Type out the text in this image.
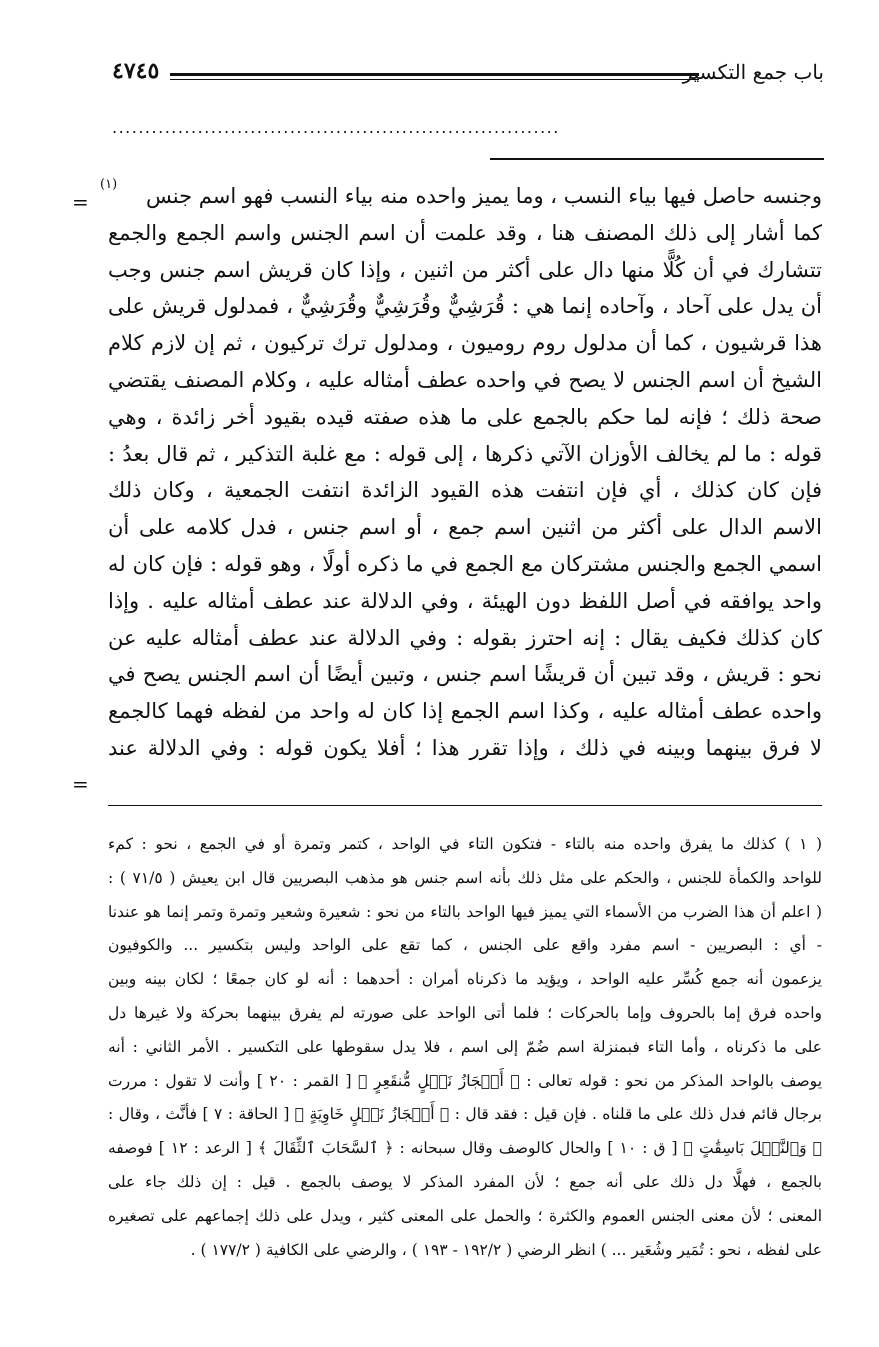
باب جمع التكسير
٤٧٤٥
....................................................................
=
=
(١)	وجنسه حاصل فيها بياء النسب ، وما يميز واحده منه بياء النسب فهو اسم جنس
كما أشار إلى ذلك المصنف هنا ، وقد علمت أن اسم الجنس واسم الجمع والجمع
تتشارك في أن كُلًّا منها دال على أكثر من اثنين ، وإذا كان قريش اسم جنس وجب
أن يدل على آحاد ، وآحاده إنما هي : قُرَشِيٌّ وقُرَشِيٌّ وقُرَشِيٌّ ، فمدلول قريش على
هذا قرشيون ، كما أن مدلول روم روميون ، ومدلول ترك تركيون ، ثم إن لازم كلام
الشيخ أن اسم الجنس لا يصح في واحده عطف أمثاله عليه ، وكلام المصنف يقتضي
صحة ذلك ؛ فإنه لما حكم بالجمع على ما هذه صفته قيده بقيود أخر زائدة ، وهي
قوله : ما لم يخالف الأوزان الآتي ذكرها ، إلى قوله : مع غلبة التذكير ، ثم قال بعدُ :
فإن كان كذلك ، أي فإن انتفت هذه القيود الزائدة انتفت الجمعية ، وكان ذلك
الاسم الدال على أكثر من اثنين اسم جمع ، أو اسم جنس ، فدل كلامه على أن
اسمي الجمع والجنس مشتركان مع الجمع في ما ذكره أولًا ، وهو قوله : فإن كان له
واحد يوافقه في أصل اللفظ دون الهيئة ، وفي الدلالة عند عطف أمثاله عليه . وإذا
كان كذلك فكيف يقال : إنه احترز بقوله : وفي الدلالة عند عطف أمثاله عليه عن
نحو : قريش ، وقد تبين أن قريشًا اسم جنس ، وتبين أيضًا أن اسم الجنس يصح في
واحده عطف أمثاله عليه ، وكذا اسم الجمع إذا كان له واحد من لفظه فهما كالجمع
لا فرق بينهما وبينه في ذلك ، وإذا تقرر هذا ؛ أفلا يكون قوله : وفي الدلالة عند
( ١ ) كذلك ما يفرق واحده منه بالتاء - فتكون التاء في الواحد ، كتمر وتمرة أو في الجمع ، نحو : كمء
للواحد والكمأة للجنس ، والحكم على مثل ذلك بأنه اسم جنس هو مذهب البصريين قال ابن يعيش ( ٧١/٥ ) :
( اعلم أن هذا الضرب من الأسماء التي يميز فيها الواحد بالتاء من نحو : شعيرة وشعير وتمرة وتمر إنما هو عندنا
- أي : البصريين - اسم مفرد واقع على الجنس ، كما تقع على الواحد وليس بتكسير ... والكوفيون
يزعمون أنه جمع كُسِّر عليه الواحد ، ويؤيد ما ذكرناه أمران : أحدهما : أنه لو كان جمعًا ؛ لكان بينه وبين
واحده فرق إما بالحروف وإما بالحركات ؛ فلما أتى الواحد على صورته لم يفرق بينهما بحركة ولا غيرها دل
على ما ذكرناه ، وأما التاء فبمنزلة اسم ضُمّ إلى اسم ، فلا يدل سقوطها على التكسير . الأمر الثاني : أنه
يوصف بالواحد المذكر من نحو : قوله تعالى : ﴿ أَعۡجَازُ نَخۡلٍ مُّنقَعِرٍ ﴾ [ القمر : ٢٠ ] وأنت لا تقول : مررت
برجال قائم فدل ذلك على ما قلناه . فإن قيل : فقد قال : ﴿ أَعۡجَازُ نَخۡلٍ خَاوِيَةٍ ﴾ [ الحاقة : ٧ ] فأنَّث ، وقال :
﴿ وَٱلنَّخۡلَ بَاسِقَٰتٍ ﴾ [ ق : ١٠ ] والحال كالوصف وقال سبحانه : ﴿ ٱلسَّحَابَ ٱلثِّقَالَ ﴾ [ الرعد : ١٢ ] فوصفه
بالجمع ، فهلَّا دل ذلك على أنه جمع ؛ لأن المفرد المذكر لا يوصف بالجمع . قيل : إن ذلك جاء على
المعنى ؛ لأن معنى الجنس العموم والكثرة ؛ والحمل على المعنى كثير ، ويدل على ذلك إجماعهم على تصغيره
على لفظه ، نحو : تُمَير وشُعَير ... ) انظر الرضي ( ١٩٢/٢ - ١٩٣ ) ، والرضي على الكافية ( ١٧٧/٢ ) .
